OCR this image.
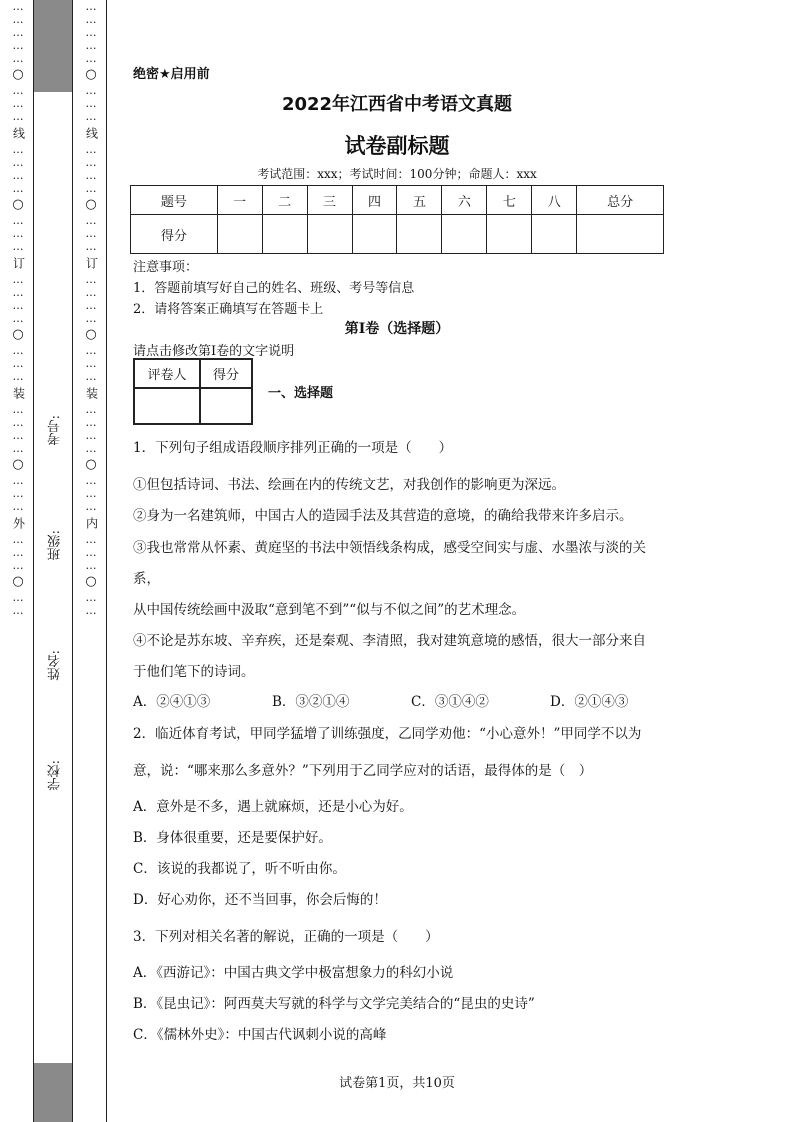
…
…
…
…
…
○
…
…
…
线
…
…
…
…
○
…
…
…
订
…
…
…
…
○
…
…
…
装
…
…
…
…
○
…
…
…
外
…
…
…
○
…
…
…
…
…
…
…
○
…
…
…
线
…
…
…
…
○
…
…
…
订
…
…
…
…
○
…
…
…
装
…
…
…
…
○
…
…
…
内
…
…
…
○
…
…
考号:
班级:
姓名:
学校:
绝密★启用前
2022年江西省中考语文真题
试卷副标题
考试范围：xxx；考试时间：100分钟；命题人：xxx
题号	一	二	三	四	五	六	七	八	总分
得分									
注意事项：
1．答题前填写好自己的姓名、班级、考号等信息
2．请将答案正确填写在答题卡上
第I卷（选择题）
请点击修改第I卷的文字说明
评卷人	得分

一、选择题
1．下列句子组成语段顺序排列正确的一项是（　　）
①但包括诗词、书法、绘画在内的传统文艺，对我创作的影响更为深远。
②身为一名建筑师，中国古人的造园手法及其营造的意境，的确给我带来许多启示。
③我也常常从怀素、黄庭坚的书法中领悟线条构成，感受空间实与虚、水墨浓与淡的关
系，
从中国传统绘画中汲取“意到笔不到”“似与不似之间”的艺术理念。
④不论是苏东坡、辛弃疾，还是秦观、李清照，我对建筑意境的感悟，很大一部分来自
于他们笔下的诗词。
A．②④①③	B．③②①④	C．③①④②	D．②①④③
2．临近体育考试，甲同学猛增了训练强度，乙同学劝他：“小心意外！”甲同学不以为
意，说：“哪来那么多意外？”下列用于乙同学应对的话语，最得体的是（　）
A．意外是不多，遇上就麻烦，还是小心为好。
B．身体很重要，还是要保护好。
C．该说的我都说了，听不听由你。
D．好心劝你，还不当回事，你会后悔的！
3．下列对相关名著的解说，正确的一项是（　　）
A．《西游记》：中国古典文学中极富想象力的科幻小说
B．《昆虫记》：阿西莫夫写就的科学与文学完美结合的“昆虫的史诗”
C．《儒林外史》：中国古代讽刺小说的高峰
试卷第1页，共10页
